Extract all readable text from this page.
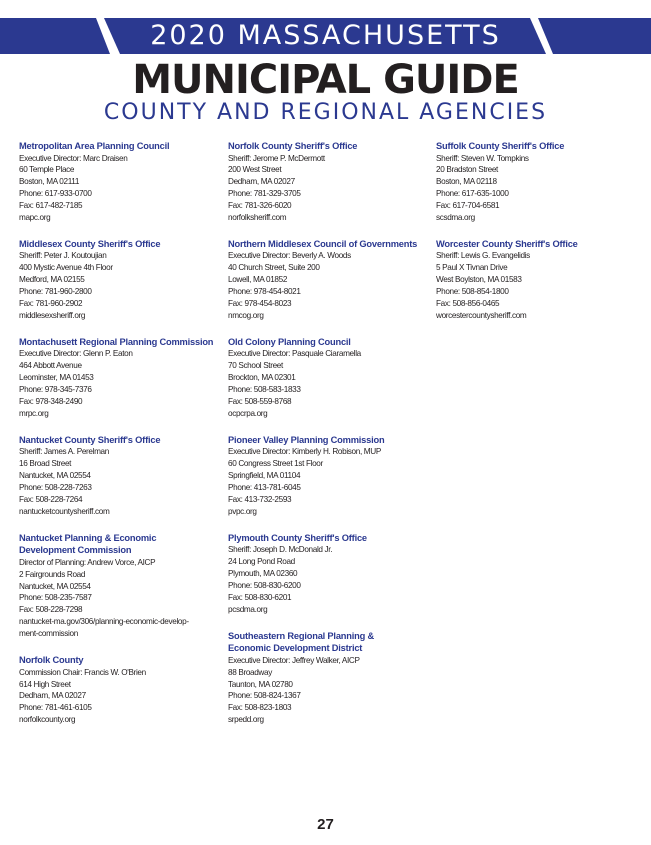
2020 MASSACHUSETTS
MUNICIPAL GUIDE
COUNTY AND REGIONAL AGENCIES
Metropolitan Area Planning Council
Executive Director: Marc Draisen
60 Temple Place
Boston, MA 02111
Phone: 617-933-0700
Fax: 617-482-7185
mapc.org
Middlesex County Sheriff's Office
Sheriff: Peter J. Koutoujian
400 Mystic Avenue 4th Floor
Medford, MA 02155
Phone: 781-960-2800
Fax: 781-960-2902
middlesexsheriff.org
Montachusett Regional Planning Commission
Executive Director: Glenn P. Eaton
464 Abbott Avenue
Leominster, MA 01453
Phone: 978-345-7376
Fax: 978-348-2490
mrpc.org
Nantucket County Sheriff's Office
Sheriff: James A. Perelman
16 Broad Street
Nantucket, MA 02554
Phone: 508-228-7263
Fax: 508-228-7264
nantucketcountysheriff.com
Nantucket Planning & Economic
Development Commission
Director of Planning: Andrew Vorce, AICP
2 Fairgrounds Road
Nantucket, MA 02554
Phone: 508-235-7587
Fax: 508-228-7298
nantucket-ma.gov/306/planning-economic-develop-
ment-commission
Norfolk County
Commission Chair: Francis W. O'Brien
614 High Street
Dedham, MA 02027
Phone: 781-461-6105
norfolkcounty.org
Norfolk County Sheriff's Office
Sheriff: Jerome P. McDermott
200 West Street
Dedham, MA 02027
Phone: 781-329-3705
Fax: 781-326-6020
norfolksheriff.com
Northern Middlesex Council of Governments
Executive Director: Beverly A. Woods
40 Church Street, Suite 200
Lowell, MA 01852
Phone: 978-454-8021
Fax: 978-454-8023
nmcog.org
Old Colony Planning Council
Executive Director: Pasquale Ciaramella
70 School Street
Brockton, MA 02301
Phone: 508-583-1833
Fax: 508-559-8768
ocpcrpa.org
Pioneer Valley Planning Commission
Executive Director: Kimberly H. Robison, MUP
60 Congress Street 1st Floor
Springfield, MA 01104
Phone: 413-781-6045
Fax: 413-732-2593
pvpc.org
Plymouth County Sheriff's Office
Sheriff: Joseph D. McDonald Jr.
24 Long Pond Road
Plymouth, MA 02360
Phone: 508-830-6200
Fax: 508-830-6201
pcsdma.org
Southeastern Regional Planning &
Economic Development District
Executive Director: Jeffrey Walker, AICP
88 Broadway
Taunton, MA 02780
Phone: 508-824-1367
Fax: 508-823-1803
srpedd.org
Suffolk County Sheriff's Office
Sheriff: Steven W. Tompkins
20 Bradston Street
Boston, MA 02118
Phone: 617-635-1000
Fax: 617-704-6581
scsdma.org
Worcester County Sheriff's Office
Sheriff: Lewis G. Evangelidis
5 Paul X Tivnan Drive
West Boylston, MA 01583
Phone: 508-854-1800
Fax: 508-856-0465
worcestercountysheriff.com
27
